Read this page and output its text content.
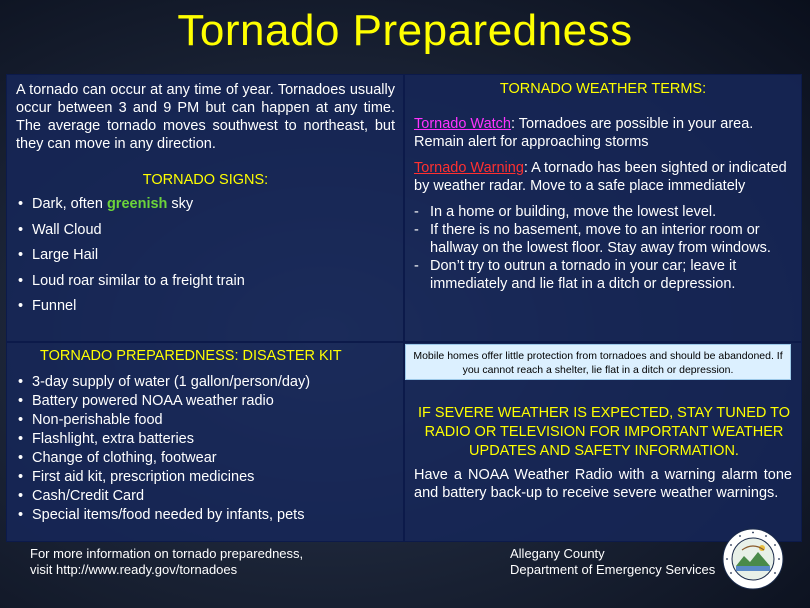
Tornado Preparedness
A tornado can occur at any time of year. Tornadoes usually occur between 3 and 9 PM but can happen at any time. The average tornado moves southwest to northeast, but they can move in any direction.
TORNADO SIGNS:
• Dark, often greenish sky
• Wall Cloud
• Large Hail
• Loud roar similar to a freight train
• Funnel
TORNADO WEATHER TERMS:
Tornado Watch: Tornadoes are possible in your area. Remain alert for approaching storms
Tornado Warning: A tornado has been sighted or indicated by weather radar. Move to a safe place immediately
- In a home or building, move the lowest level.
- If there is no basement, move to an interior room or hallway on the lowest floor. Stay away from windows.
- Don’t try to outrun a tornado in your car; leave it immediately and lie flat in a ditch or depression.
TORNADO PREPAREDNESS: DISASTER KIT
• 3-day supply of water (1 gallon/person/day)
• Battery powered NOAA weather radio
• Non-perishable food
• Flashlight, extra batteries
• Change of clothing, footwear
• First aid kit, prescription medicines
• Cash/Credit Card
• Special items/food needed by infants, pets
Mobile homes offer little protection from tornadoes and should be abandoned. If you cannot reach a shelter, lie flat in a ditch or depression.
IF SEVERE WEATHER IS EXPECTED, STAY TUNED TO RADIO OR TELEVISION FOR IMPORTANT WEATHER UPDATES AND SAFETY INFORMATION.
Have a NOAA Weather Radio with a warning alarm tone and battery back-up to receive severe weather warnings.
For more information on tornado preparedness,
visit http://www.ready.gov/tornadoes
Allegany County
Department of Emergency Services
